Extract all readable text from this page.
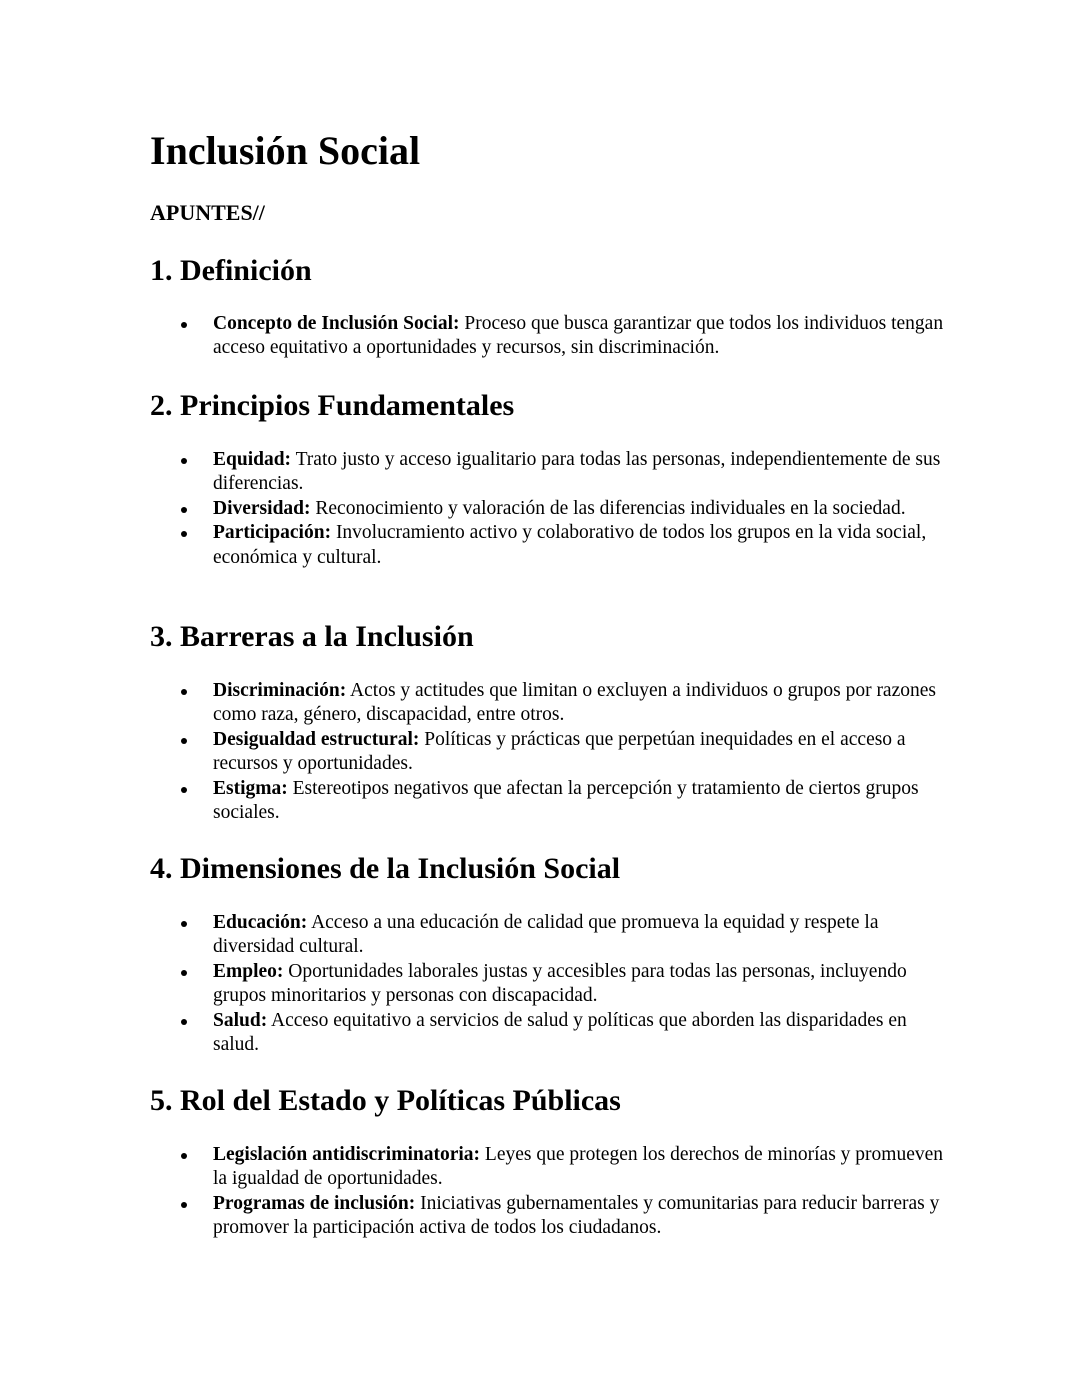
Inclusión Social
APUNTES//
1. Definición
Concepto de Inclusión Social: Proceso que busca garantizar que todos los individuos tengan acceso equitativo a oportunidades y recursos, sin discriminación.
2. Principios Fundamentales
Equidad: Trato justo y acceso igualitario para todas las personas, independientemente de sus diferencias.
Diversidad: Reconocimiento y valoración de las diferencias individuales en la sociedad.
Participación: Involucramiento activo y colaborativo de todos los grupos en la vida social, económica y cultural.
3. Barreras a la Inclusión
Discriminación: Actos y actitudes que limitan o excluyen a individuos o grupos por razones como raza, género, discapacidad, entre otros.
Desigualdad estructural: Políticas y prácticas que perpetúan inequidades en el acceso a recursos y oportunidades.
Estigma: Estereotipos negativos que afectan la percepción y tratamiento de ciertos grupos sociales.
4. Dimensiones de la Inclusión Social
Educación: Acceso a una educación de calidad que promueva la equidad y respete la diversidad cultural.
Empleo: Oportunidades laborales justas y accesibles para todas las personas, incluyendo grupos minoritarios y personas con discapacidad.
Salud: Acceso equitativo a servicios de salud y políticas que aborden las disparidades en salud.
5. Rol del Estado y Políticas Públicas
Legislación antidiscriminatoria: Leyes que protegen los derechos de minorías y promueven la igualdad de oportunidades.
Programas de inclusión: Iniciativas gubernamentales y comunitarias para reducir barreras y promover la participación activa de todos los ciudadanos.
